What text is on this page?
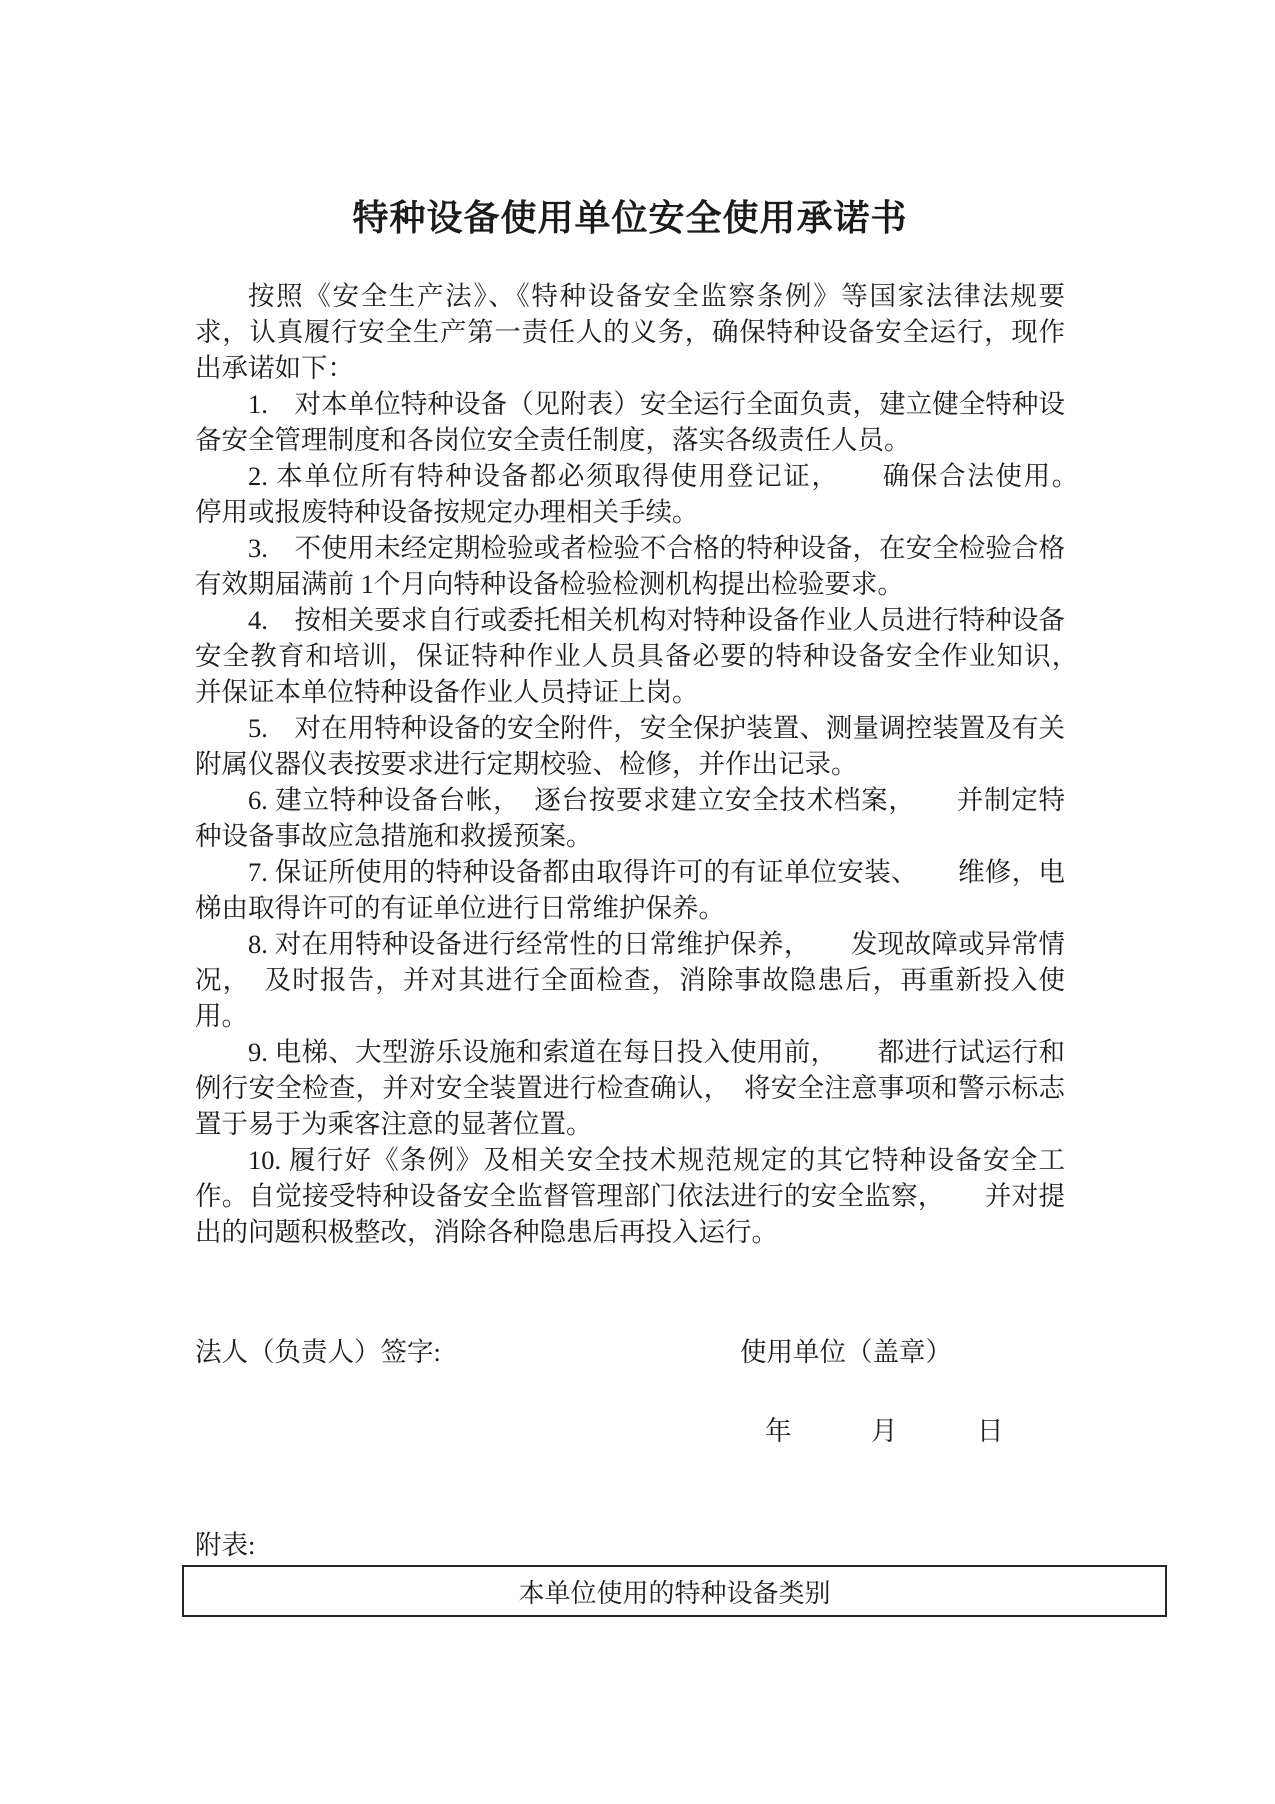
特种设备使用单位安全使用承诺书

按照《安全生产法》、《特种设备安全监察条例》等国家法律法规要求，认真履行安全生产第一责任人的义务，确保特种设备安全运行，现作出承诺如下：

1.　对本单位特种设备（见附表）安全运行全面负责，建立健全特种设备安全管理制度和各岗位安全责任制度，落实各级责任人员。

2. 本单位所有特种设备都必须取得使用登记证，　　确保合法使用。　停用或报废特种设备按规定办理相关手续。

3.　不使用未经定期检验或者检验不合格的特种设备，在安全检验合格有效期届满前 1个月向特种设备检验检测机构提出检验要求。

4.　按相关要求自行或委托相关机构对特种设备作业人员进行特种设备安全教育和培训，保证特种作业人员具备必要的特种设备安全作业知识，　　并保证本单位特种设备作业人员持证上岗。

5.　对在用特种设备的安全附件，安全保护装置、测量调控装置及有关附属仪器仪表按要求进行定期校验、检修，并作出记录。

6. 建立特种设备台帐，　逐台按要求建立安全技术档案，　　并制定特种设备事故应急措施和救援预案。

7. 保证所使用的特种设备都由取得许可的有证单位安装、　　维修，电梯由取得许可的有证单位进行日常维护保养。

8. 对在用特种设备进行经常性的日常维护保养，　　发现故障或异常情况，　及时报告，并对其进行全面检查，消除事故隐患后，再重新投入使用。

9. 电梯、大型游乐设施和索道在每日投入使用前，　　都进行试运行和例行安全检查，并对安全装置进行检查确认，　将安全注意事项和警示标志置于易于为乘客注意的显著位置。

10. 履行好《条例》及相关安全技术规范规定的其它特种设备安全工作。自觉接受特种设备安全监督管理部门依法进行的安全监察，　　并对提出的问题积极整改，消除各种隐患后再投入运行。

法人（负责人）签字:	使用单位（盖章）
年　　　月　　　日
附表:
本单位使用的特种设备类别
